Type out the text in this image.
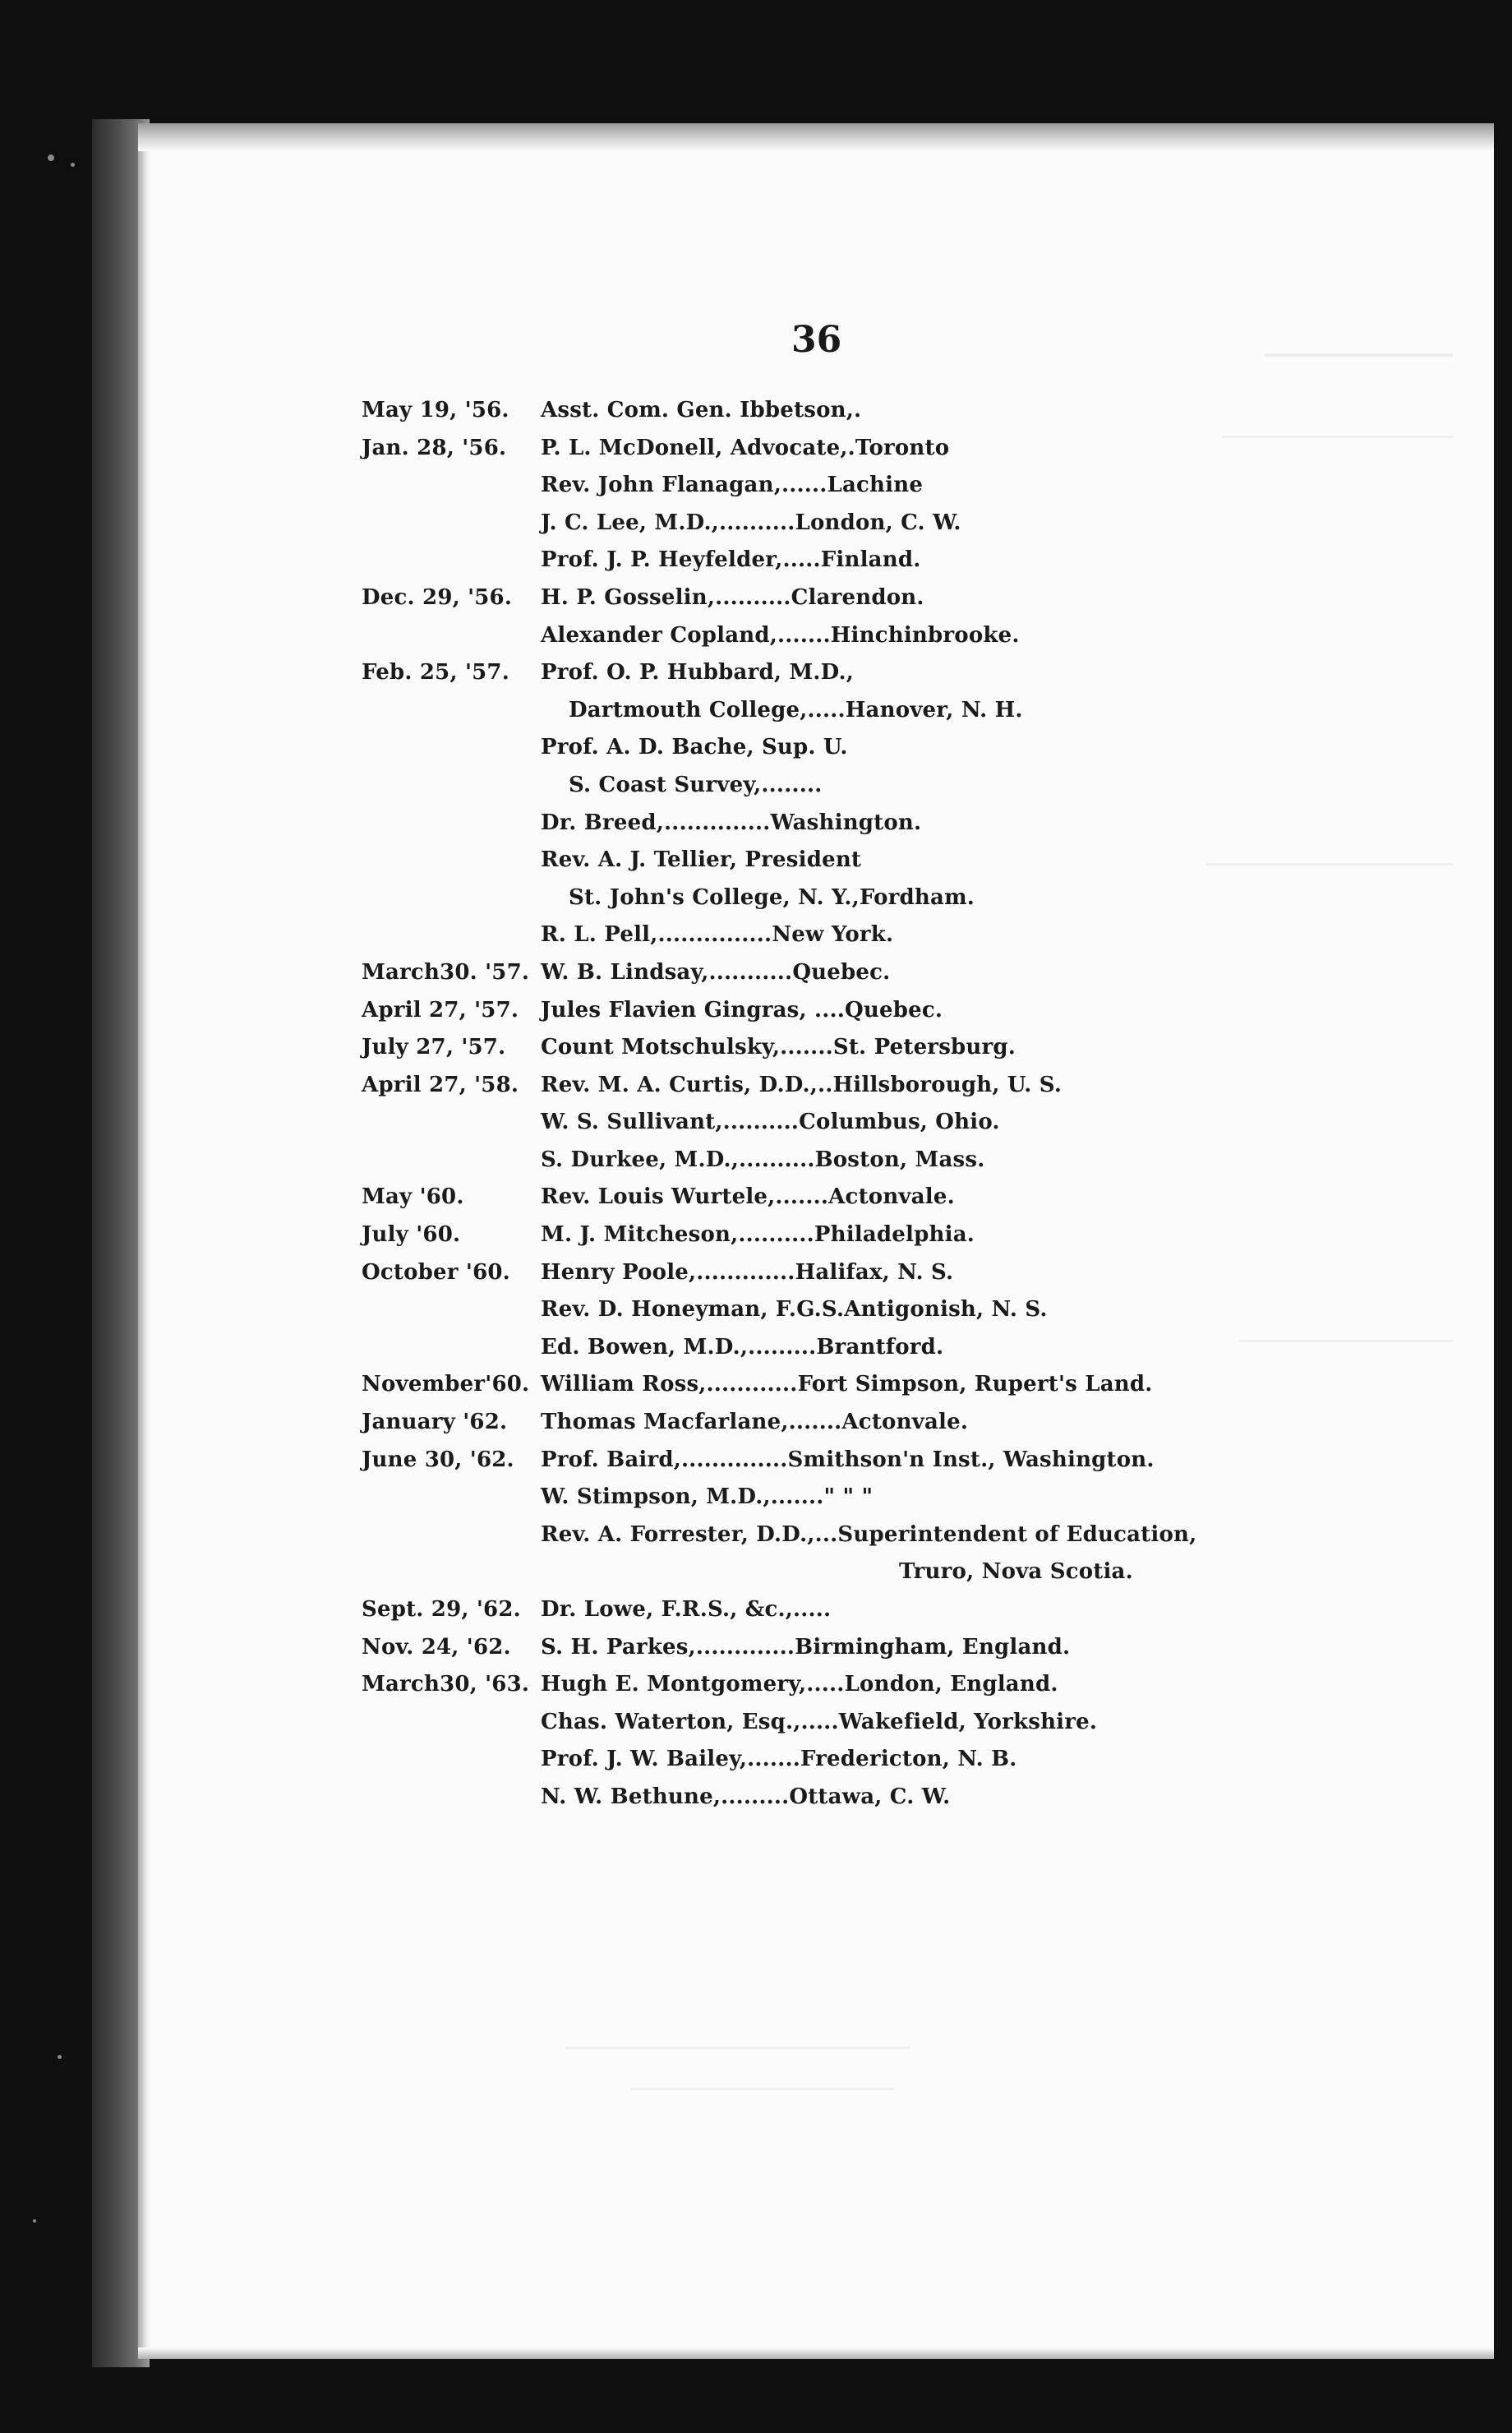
36
May 19, '56.	Asst. Com. Gen. Ibbetson,.
Jan. 28, '56.	P. L. McDonell, Advocate,. Toronto
Rev. John Flanagan,...... Lachine
J. C. Lee, M.D.,.......... London, C. W.
Prof. J. P. Heyfelder,..... Finland.
Dec. 29, '56.	H. P. Gosselin,.......... Clarendon.
Alexander Copland,....... Hinchinbrooke.
Feb. 25, '57.	Prof. O. P. Hubbard, M.D.,
Dartmouth College,..... Hanover, N. H.
Prof. A. D. Bache, Sup. U.
S. Coast Survey,........
Dr. Breed,.............. Washington.
Rev. A. J. Tellier, President
St. John's College, N. Y., Fordham.
R. L. Pell,............... New York.
March30. '57. W. B. Lindsay,........... Quebec.
April 27, '57.	Jules Flavien Gingras, .... Quebec.
July 27, '57.	Count Motschulsky,....... St. Petersburg.
April 27, '58.	Rev. M. A. Curtis, D.D.,.. Hillsborough, U. S.
W. S. Sullivant,.......... Columbus, Ohio.
S. Durkee, M.D.,.......... Boston, Mass.
May '60.	Rev. Louis Wurtele,....... Actonvale.
July '60.	M. J. Mitcheson,.......... Philadelphia.
October '60.	Henry Poole,............. Halifax, N. S.
Rev. D. Honeyman, F.G.S. Antigonish, N. S.
Ed. Bowen, M.D.,......... Brantford.
November'60. William Ross,............ Fort Simpson, Rupert's Land.
January '62.	Thomas Macfarlane,....... Actonvale.
June 30, '62.	Prof. Baird,.............. Smithson'n Inst., Washington.
W. Stimpson, M.D.,....... " " "
Rev. A. Forrester, D.D.,... Superintendent of Education,
Truro, Nova Scotia.
Sept. 29, '62. Dr. Lowe, F.R.S., &c.,.....
Nov. 24, '62.	S. H. Parkes,............. Birmingham, England.
March30, '63. Hugh E. Montgomery,..... London, England.
Chas. Waterton, Esq.,..... Wakefield, Yorkshire.
Prof. J. W. Bailey,....... Fredericton, N. B.
N. W. Bethune,......... Ottawa, C. W.
